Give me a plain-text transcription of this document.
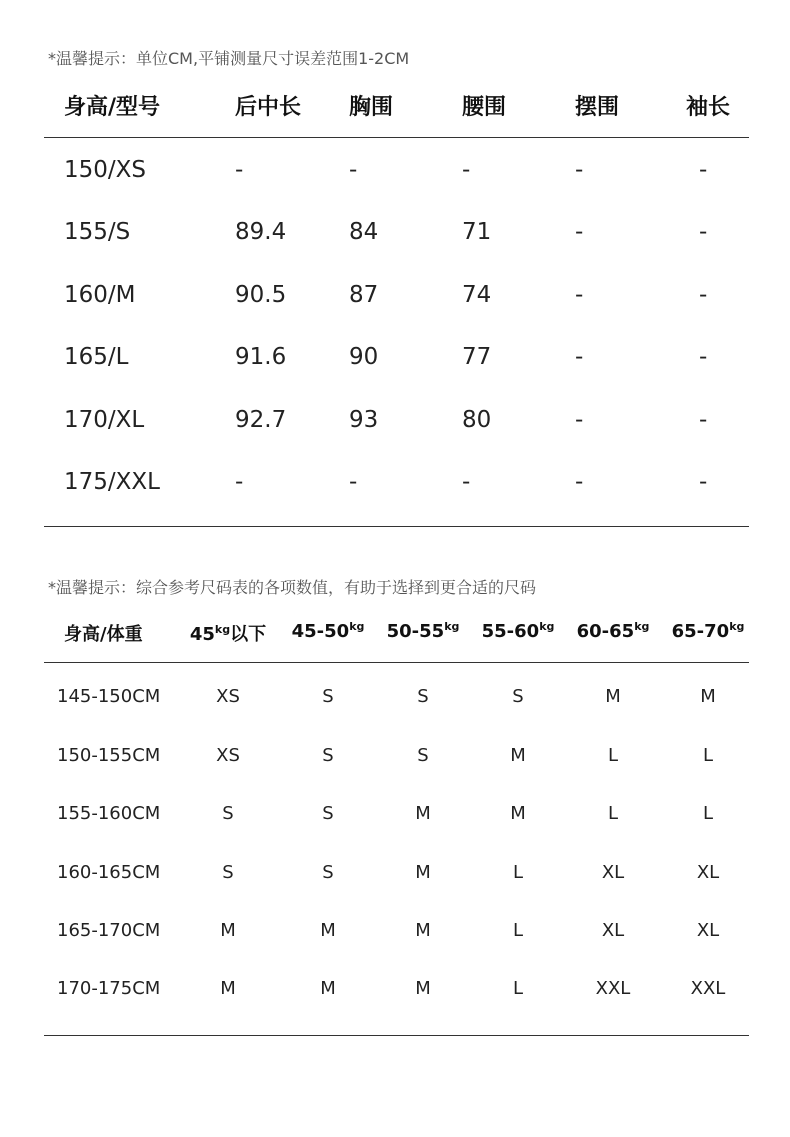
*温馨提示：单位CM,平铺测量尺寸误差范围1-2CM
身高/型号	后中长 胸围	腰围	摆围	袖长
150/XS	-	-	-	-	-
155/S	89.4	84	71	-	-
160/M	90.5	87	74	-	-
165/L	91.6	90	77	-	-
170/XL	92.7	93	80	-	-
175/XXL	-	-	-	-	-
*温馨提示：综合参考尺码表的各项数值，有助于选择到更合适的尺码
身高/体重	$45^{kg}$以下 $45-50^{kg}$ $50-55^{kg}$ $55-60^{kg}$ $60-65^{kg}$ $65-70^{kg}$
145-150CM	XS	S	S	S	M	M
150-155CM	XS	S	S	M	L	L
155-160CM	S	S	M	M	L	L
160-165CM	S	S	M	L	XL	XL
165-170CM	M	M	M	L	XL	XL
170-175CM	M	M	M	L	XXL	XXL
